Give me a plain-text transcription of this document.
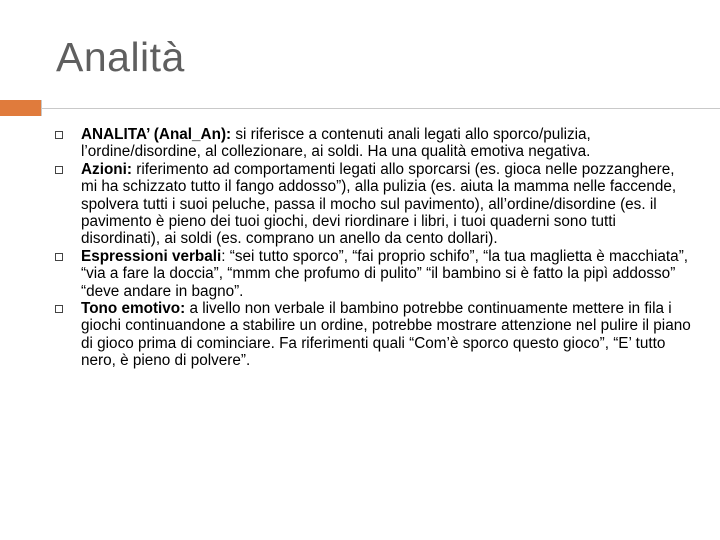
Analità

ANALITA’ (Anal_An): si riferisce a contenuti anali legati allo sporco/pulizia, l’ordine/disordine, al collezionare, ai soldi. Ha una qualità emotiva negativa.

Azioni: riferimento ad comportamenti legati allo sporcarsi (es. gioca nelle pozzanghere, mi ha schizzato tutto il fango addosso”), alla pulizia (es. aiuta la mamma nelle faccende, spolvera tutti i suoi peluche, passa il mocho sul pavimento), all’ordine/disordine (es. il pavimento è pieno dei tuoi giochi, devi riordinare i libri, i tuoi quaderni sono tutti disordinati), ai soldi (es. comprano un anello da cento dollari).

Espressioni verbali: “sei tutto sporco”, “fai proprio schifo”, “la tua maglietta è macchiata”, “via a fare la doccia”, “mmm che profumo di pulito” “il bambino si è fatto la pipì addosso” “deve andare in bagno”.

Tono emotivo: a livello non verbale il bambino potrebbe continuamente mettere in fila i giochi continuandone a stabilire un ordine, potrebbe mostrare attenzione nel pulire il piano di gioco prima di cominciare. Fa riferimenti quali “Com’è sporco questo gioco”, “E’ tutto nero, è pieno di polvere”.
